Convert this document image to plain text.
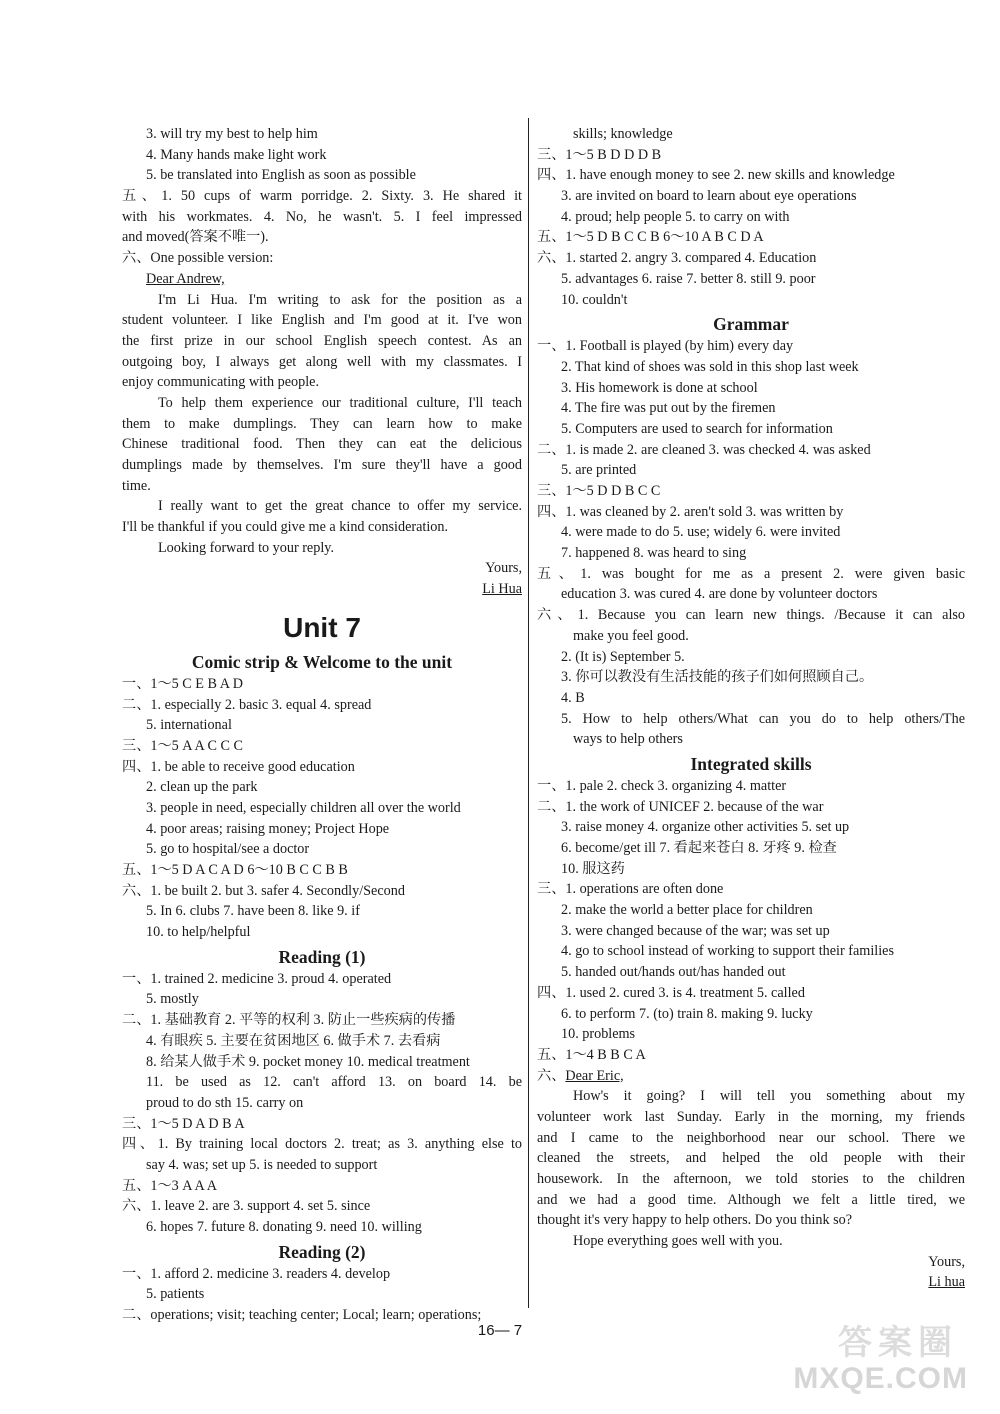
3. will try my best to help him
4. Many hands make light work
5. be translated into English as soon as possible
五、1. 50 cups of warm porridge. 2. Sixty. 3. He shared it
with his workmates. 4. No, he wasn't. 5. I feel impressed
and moved(答案不唯一).
六、One possible version:
Dear Andrew,
I'm Li Hua. I'm writing to ask for the position as a
student volunteer. I like English and I'm good at it. I've won
the first prize in our school English speech contest. As an
outgoing boy, I always get along well with my classmates. I
enjoy communicating with people.
To help them experience our traditional culture, I'll teach
them to make dumplings. They can learn how to make
Chinese traditional food. Then they can eat the delicious
dumplings made by themselves. I'm sure they'll have a good
time.
I really want to get the great chance to offer my service.
I'll be thankful if you could give me a kind consideration.
Looking forward to your reply.
Yours,
Li Hua
Unit 7
Comic strip & Welcome to the unit
一、1～5 C E B A D
二、1. especially 2. basic 3. equal 4. spread
5. international
三、1～5 A A C C C
四、1. be able to receive good education
2. clean up the park
3. people in need, especially children all over the world
4. poor areas; raising money; Project Hope
5. go to hospital/see a doctor
五、1～5 D A C A D 6～10 B C C B B
六、1. be built 2. but 3. safer 4. Secondly/Second
5. In 6. clubs 7. have been 8. like 9. if
10. to help/helpful
Reading (1)
一、1. trained 2. medicine 3. proud 4. operated
5. mostly
二、1. 基础教育 2. 平等的权利 3. 防止一些疾病的传播
4. 有眼疾 5. 主要在贫困地区 6. 做手术 7. 去看病
8. 给某人做手术 9. pocket money 10. medical treatment
11. be used as 12. can't afford 13. on board 14. be
proud to do sth 15. carry on
三、1～5 D A D B A
四、1. By training local doctors 2. treat; as 3. anything else to
say 4. was; set up 5. is needed to support
五、1～3 A A A
六、1. leave 2. are 3. support 4. set 5. since
6. hopes 7. future 8. donating 9. need 10. willing
Reading (2)
一、1. afford 2. medicine 3. readers 4. develop
5. patients
二、operations; visit; teaching center; Local; learn; operations;
skills; knowledge
三、1～5 B D D D B
四、1. have enough money to see 2. new skills and knowledge
3. are invited on board to learn about eye operations
4. proud; help people 5. to carry on with
五、1～5 D B C C B 6～10 A B C D A
六、1. started 2. angry 3. compared 4. Education
5. advantages 6. raise 7. better 8. still 9. poor
10. couldn't
Grammar
一、1. Football is played (by him) every day
2. That kind of shoes was sold in this shop last week
3. His homework is done at school
4. The fire was put out by the firemen
5. Computers are used to search for information
二、1. is made 2. are cleaned 3. was checked 4. was asked
5. are printed
三、1～5 D D B C C
四、1. was cleaned by 2. aren't sold 3. was written by
4. were made to do 5. use; widely 6. were invited
7. happened 8. was heard to sing
五、1. was bought for me as a present 2. were given basic
education 3. was cured 4. are done by volunteer doctors
六、1. Because you can learn new things. /Because it can also
make you feel good.
2. (It is) September 5.
3. 你可以教没有生活技能的孩子们如何照顾自己。
4. B
5. How to help others/What can you do to help others/The
ways to help others
Integrated skills
一、1. pale 2. check 3. organizing 4. matter
二、1. the work of UNICEF 2. because of the war
3. raise money 4. organize other activities 5. set up
6. become/get ill 7. 看起来苍白 8. 牙疼 9. 检查
10. 服这药
三、1. operations are often done
2. make the world a better place for children
3. were changed because of the war; was set up
4. go to school instead of working to support their families
5. handed out/hands out/has handed out
四、1. used 2. cured 3. is 4. treatment 5. called
6. to perform 7. (to) train 8. making 9. lucky
10. problems
五、1～4 B B C A
六、Dear Eric,
How's it going? I will tell you something about my
volunteer work last Sunday. Early in the morning, my friends
and I came to the neighborhood near our school. There we
cleaned the streets, and helped the old people with their
housework. In the afternoon, we told stories to the children
and we had a good time. Although we felt a little tired, we
thought it's very happy to help others. Do you think so?
Hope everything goes well with you.
Yours,
Li hua
16— 7	答案圈
MXQE.COM
